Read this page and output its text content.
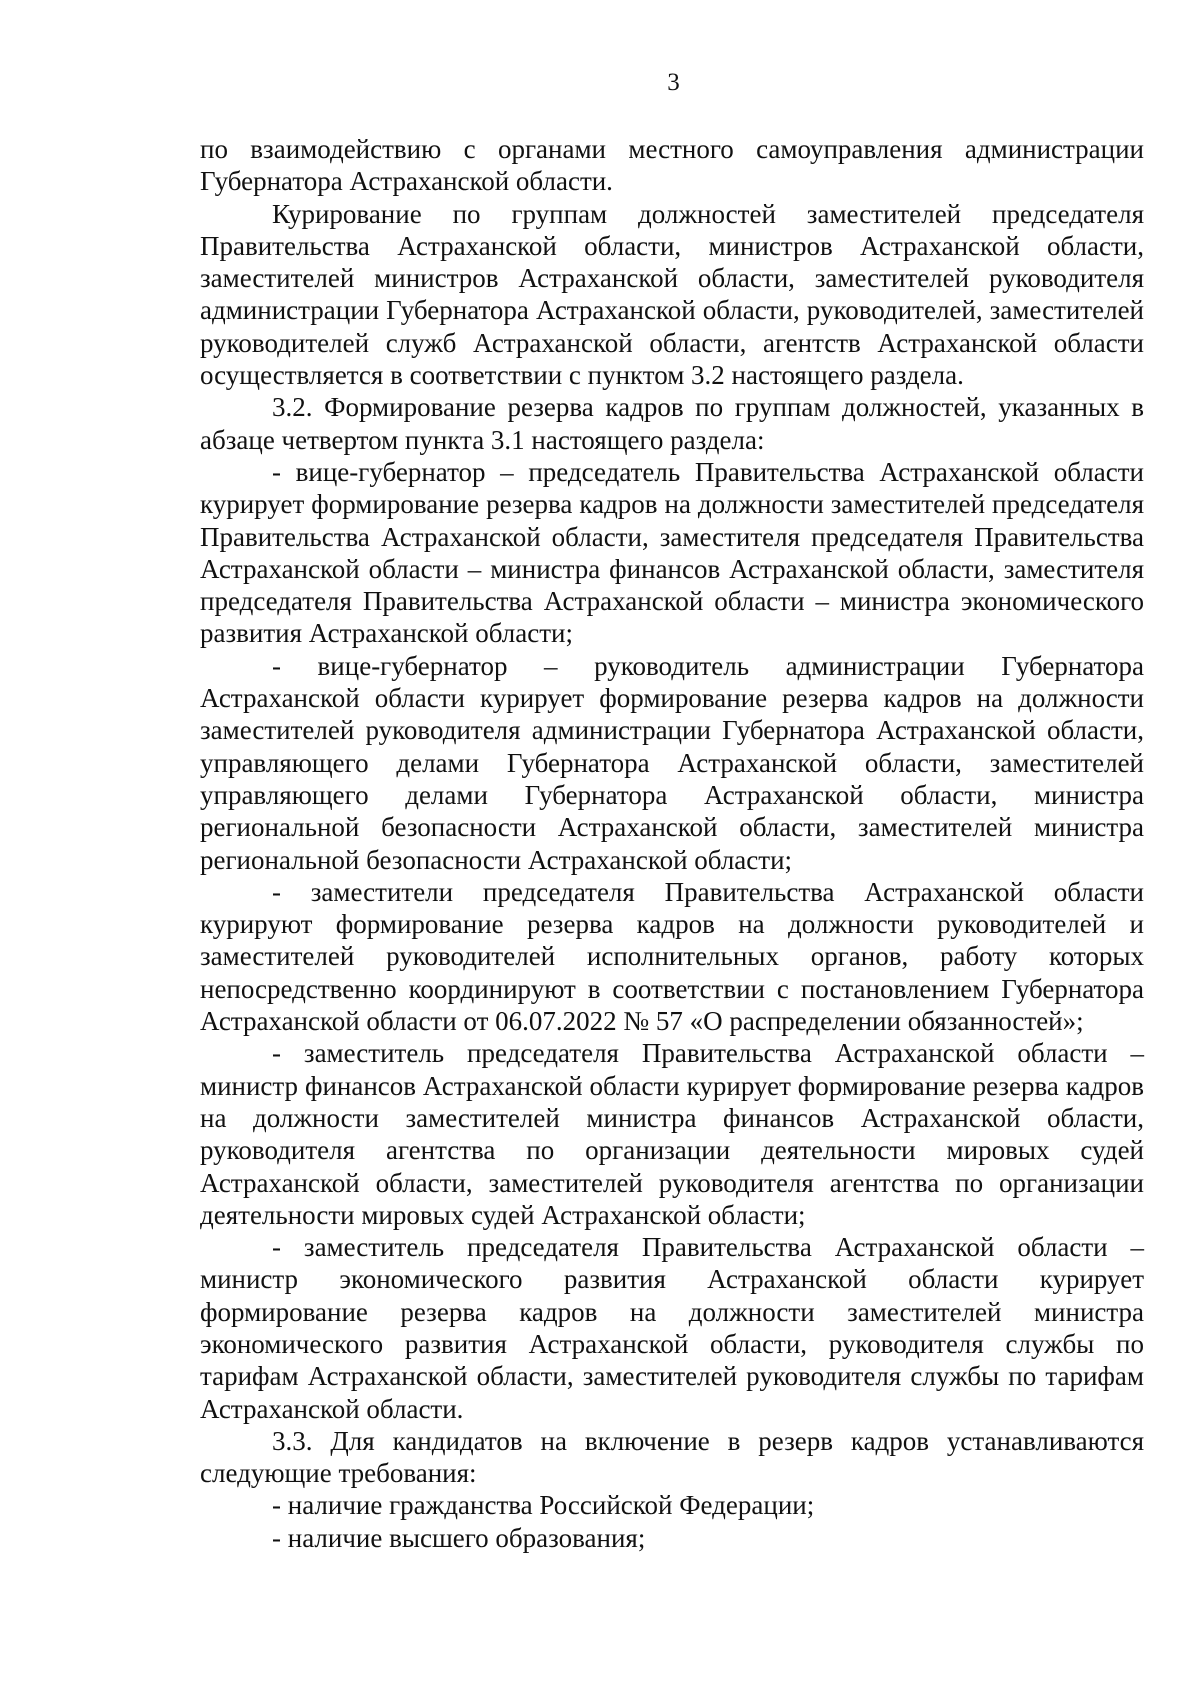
3

по взаимодействию с органами местного самоуправления администрации Губернатора Астраханской области.

Курирование по группам должностей заместителей председателя Правительства Астраханской области, министров Астраханской области, заместителей министров Астраханской области, заместителей руководителя администрации Губернатора Астраханской области, руководителей, заместителей руководителей служб Астраханской области, агентств Астраханской области осуществляется в соответствии с пунктом 3.2 настоящего раздела.

3.2. Формирование резерва кадров по группам должностей, указанных в абзаце четвертом пункта 3.1 настоящего раздела:

- вице-губернатор – председатель Правительства Астраханской области курирует формирование резерва кадров на должности заместителей председателя Правительства Астраханской области, заместителя председателя Правительства Астраханской области – министра финансов Астраханской области, заместителя председателя Правительства Астраханской области – министра экономического развития Астраханской области;

- вице-губернатор – руководитель администрации Губернатора Астраханской области курирует формирование резерва кадров на должности заместителей руководителя администрации Губернатора Астраханской области, управляющего делами Губернатора Астраханской области, заместителей управляющего делами Губернатора Астраханской области, министра региональной безопасности Астраханской области, заместителей министра региональной безопасности Астраханской области;

- заместители председателя Правительства Астраханской области курируют формирование резерва кадров на должности руководителей и заместителей руководителей исполнительных органов, работу которых непосредственно координируют в соответствии с постановлением Губернатора Астраханской области от 06.07.2022 № 57 «О распределении обязанностей»;

- заместитель председателя Правительства Астраханской области – министр финансов Астраханской области курирует формирование резерва кадров на должности заместителей министра финансов Астраханской области, руководителя агентства по организации деятельности мировых судей Астраханской области, заместителей руководителя агентства по организации деятельности мировых судей Астраханской области;

- заместитель председателя Правительства Астраханской области – министр экономического развития Астраханской области курирует формирование резерва кадров на должности заместителей министра экономического развития Астраханской области, руководителя службы по тарифам Астраханской области, заместителей руководителя службы по тарифам Астраханской области.

3.3. Для кандидатов на включение в резерв кадров устанавливаются следующие требования:

- наличие гражданства Российской Федерации;

- наличие высшего образования;
